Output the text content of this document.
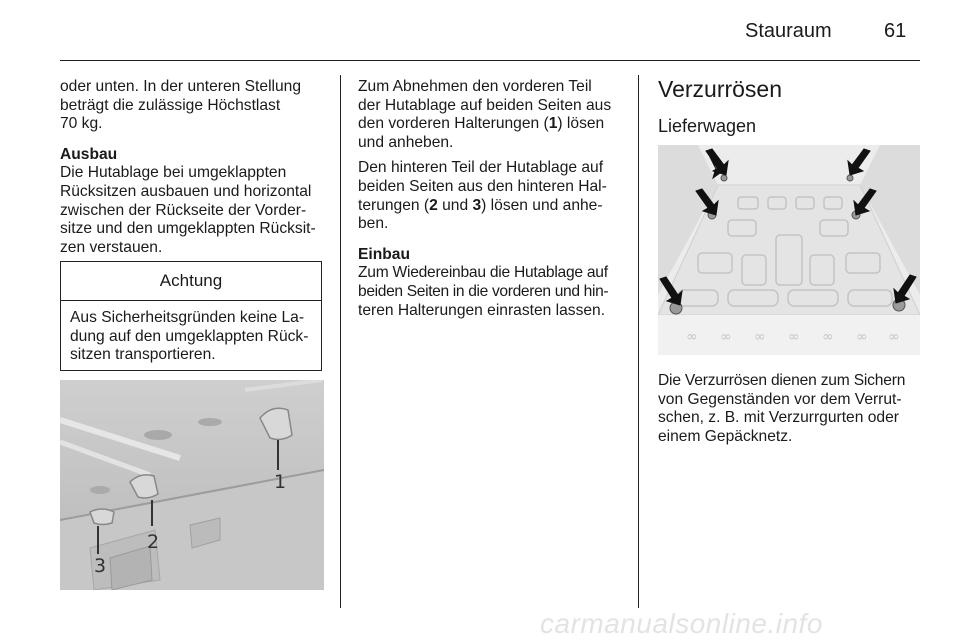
Stauraum	61

oder unten. In der unteren Stellung

beträgt die zulässige Höchstlast

70 kg.

Ausbau

Die Hutablage bei umgeklappten

Rücksitzen ausbauen und horizontal

zwischen der Rückseite der Vorder-

sitze und den umgeklappten Rücksit-

zen verstauen.

Achtung

Aus Sicherheitsgründen keine La-

dung auf den umgeklappten Rück-

sitzen transportieren.

1
2
3

Zum Abnehmen den vorderen Teil

der Hutablage auf beiden Seiten aus

den vorderen Halterungen (1) lösen

und anheben.

Den hinteren Teil der Hutablage auf

beiden Seiten aus den hinteren Hal-

terungen (2 und 3) lösen und anhe-

ben.

Einbau

Zum Wiedereinbau die Hutablage auf

beiden Seiten in die vorderen und hin-

teren Halterungen einrasten lassen.

Verzurrösen
Lieferwagen
∞ ∞ ∞ ∞ ∞ ∞ ∞

Die Verzurrösen dienen zum Sichern

von Gegenständen vor dem Verrut-

schen, z. B. mit Verzurrgurten oder

einem Gepäcknetz.

carmanualsonline.info
